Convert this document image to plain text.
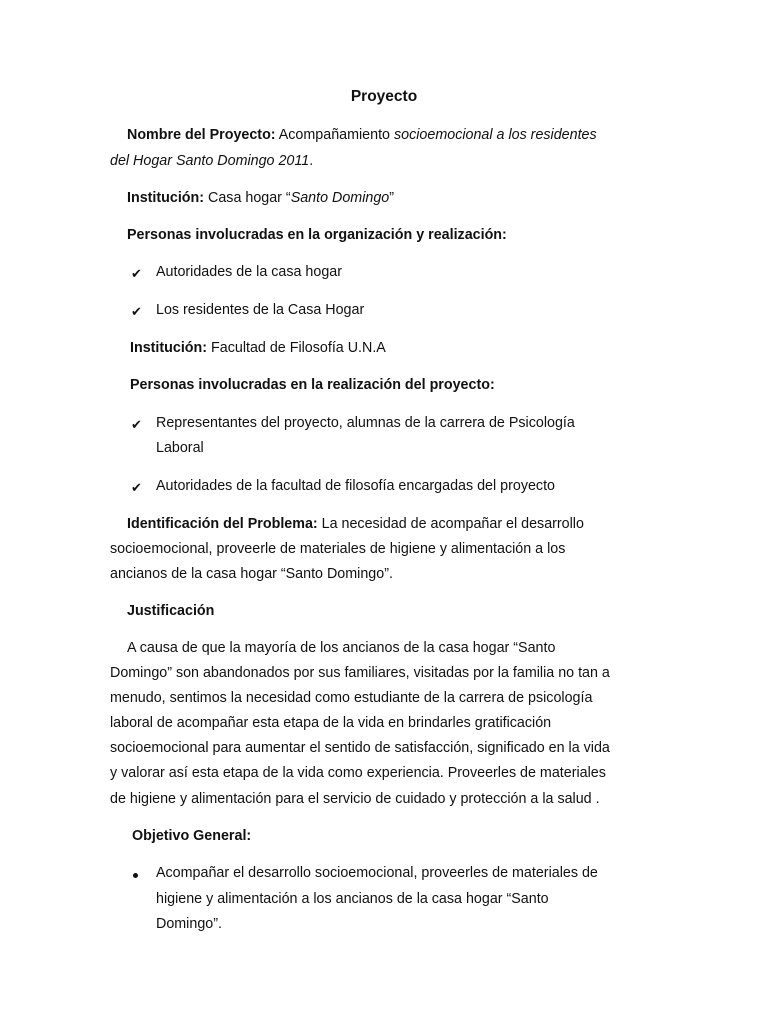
Proyecto
Nombre del Proyecto: Acompañamiento socioemocional a los residentes
del Hogar Santo Domingo 2011.
Institución: Casa hogar “Santo Domingo”
Personas involucradas en la organización y realización:
✔ Autoridades de la casa hogar
✔ Los residentes de la Casa Hogar
Institución: Facultad de Filosofía U.N.A
Personas involucradas en la realización del proyecto:
✔ Representantes del proyecto, alumnas de la carrera de Psicología
Laboral
✔ Autoridades de la facultad de filosofía encargadas del proyecto
Identificación del Problema: La necesidad de acompañar el desarrollo
socioemocional, proveerle de materiales de higiene y alimentación a los
ancianos de la casa hogar “Santo Domingo”.
Justificación
A causa de que la mayoría de los ancianos de la casa hogar “Santo
Domingo” son abandonados por sus familiares, visitadas por la familia no tan a
menudo, sentimos la necesidad como estudiante de la carrera de psicología
laboral de acompañar esta etapa de la vida en brindarles gratificación
socioemocional para aumentar el sentido de satisfacción, significado en la vida
y valorar así esta etapa de la vida como experiencia. Proveerles de materiales
de higiene y alimentación para el servicio de cuidado y protección a la salud .
Objetivo General:
Acompañar el desarrollo socioemocional, proveerles de materiales de
higiene y alimentación a los ancianos de la casa hogar “Santo
Domingo”.
